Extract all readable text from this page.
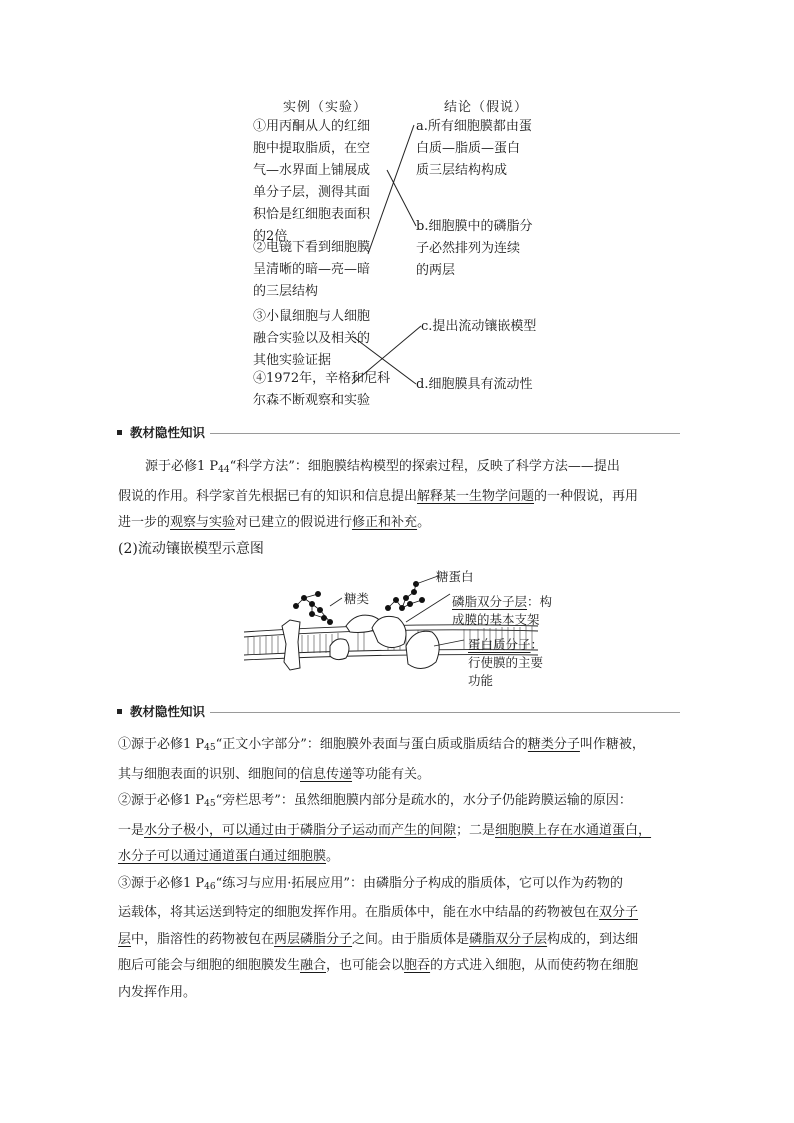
实例（实验）	结论（假说）
①用丙酮从人的红细
胞中提取脂质，在空
气—水界面上铺展成
单分子层，测得其面
积恰是红细胞表面积
的2倍
②电镜下看到细胞膜
呈清晰的暗—亮—暗
的三层结构
③小鼠细胞与人细胞
融合实验以及相关的
其他实验证据
④1972年，辛格和尼科
尔森不断观察和实验
a.所有细胞膜都由蛋
白质—脂质—蛋白
质三层结构构成
b.细胞膜中的磷脂分
子必然排列为连续
的两层
c.提出流动镶嵌模型
d.细胞膜具有流动性
教材隐性知识
源于必修1 $P_{44}“$科学方法”：细胞膜结构模型的探索过程，反映了科学方法——提出
假说的作用。科学家首先根据已有的知识和信息提出解释某一生物学问题的一种假说，再用
进一步的观察与实验对已建立的假说进行修正和补充。
(2)流动镶嵌模型示意图
糖类
糖蛋白
磷脂双分子层：构
成膜的基本支架
蛋白质分子：
行使膜的主要
功能
教材隐性知识
①源于必修1 $P_{45}“$正文小字部分”：细胞膜外表面与蛋白质或脂质结合的糖类分子叫作糖被，
其与细胞表面的识别、细胞间的信息传递等功能有关。
②源于必修1 $P_{45}“$旁栏思考”：虽然细胞膜内部分是疏水的，水分子仍能跨膜运输的原因：
一是水分子极小，可以通过由于磷脂分子运动而产生的间隙；二是细胞膜上存在水通道蛋白，
水分子可以通过通道蛋白通过细胞膜。
③源于必修1 $P_{46}“$练习与应用·拓展应用”：由磷脂分子构成的脂质体，它可以作为药物的
运载体，将其运送到特定的细胞发挥作用。在脂质体中，能在水中结晶的药物被包在双分子
层中，脂溶性的药物被包在两层磷脂分子之间。由于脂质体是磷脂双分子层构成的，到达细
胞后可能会与细胞的细胞膜发生融合，也可能会以胞吞的方式进入细胞，从而使药物在细胞
内发挥作用。
